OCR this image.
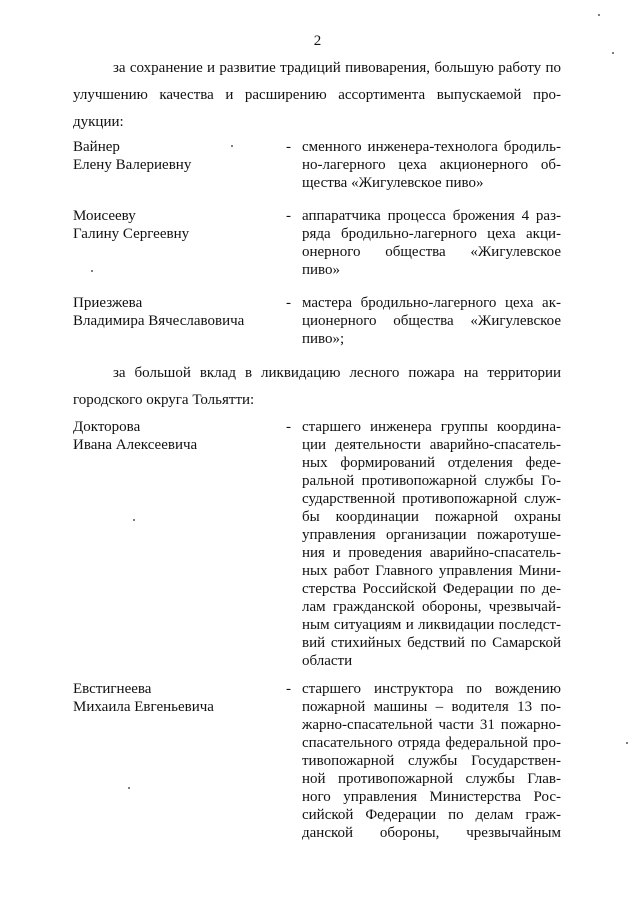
2
за сохранение и развитие традиций пивоварения, большую работу по
улучшению качества и расширению ассортимента выпускаемой про-
дукции:
Вайнер
Елену Валериевну
- сменного инженера-технолога бродиль-
но-лагерного цеха акционерного об-
щества «Жигулевское пиво»
Моисееву
Галину Сергеевну
- аппаратчика процесса брожения 4 раз-
ряда бродильно-лагерного цеха акци-
онерного общества «Жигулевское
пиво»
Приезжева
Владимира Вячеславовича
- мастера бродильно-лагерного цеха ак-
ционерного общества «Жигулевское
пиво»;
за большой вклад в ликвидацию лесного пожара на территории
городского округа Тольятти:
Докторова
Ивана Алексеевича
- старшего инженера группы координа-
ции деятельности аварийно-спасатель-
ных формирований отделения феде-
ральной противопожарной службы Го-
сударственной противопожарной служ-
бы координации пожарной охраны
управления организации пожаротуше-
ния и проведения аварийно-спасатель-
ных работ Главного управления Мини-
стерства Российской Федерации по де-
лам гражданской обороны, чрезвычай-
ным ситуациям и ликвидации последст-
вий стихийных бедствий по Самарской
области
Евстигнеева
Михаила Евгеньевича
- старшего инструктора по вождению
пожарной машины – водителя 13 по-
жарно-спасательной части 31 пожарно-
спасательного отряда федеральной про-
тивопожарной службы Государствен-
ной противопожарной службы Глав-
ного управления Министерства Рос-
сийской Федерации по делам граж-
данской обороны, чрезвычайным
